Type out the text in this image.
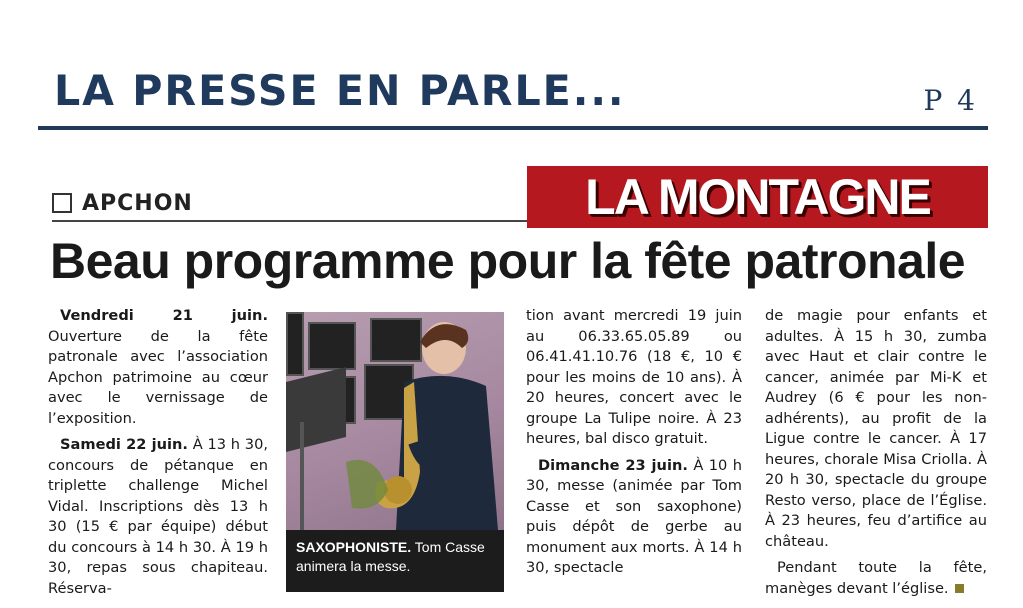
LA PRESSE EN PARLE...	P 4
APCHON	LA MONTAGNE
Beau programme pour la fête patronale

Vendredi 21 juin. Ouverture de la fête patronale avec l’association Apchon patrimoine au cœur avec le vernissage de l’exposition.

Samedi 22 juin. À 13 h 30, concours de pétanque en triplette challenge Michel Vidal. Inscriptions dès 13 h 30 (15 € par équipe) début du concours à 14 h 30. À 19 h 30, repas sous chapiteau. Réserva-

SAXOPHONISTE. Tom Casse animera la messe.

tion avant mercredi 19 juin au 06.33.65.05.89 ou 06.41.41.10.76 (18 €, 10 € pour les moins de 10 ans). À 20 heures, concert avec le groupe La Tulipe noire. À 23 heures, bal disco gratuit.

Dimanche 23 juin. À 10 h 30, messe (animée par Tom Casse et son saxophone) puis dépôt de gerbe au monument aux morts. À 14 h 30, spectacle

de magie pour enfants et adultes. À 15 h 30, zumba avec Haut et clair contre le cancer, animée par Mi-K et Audrey (6 € pour les non-adhérents), au profit de la Ligue contre le cancer. À 17 heures, chorale Misa Criolla. À 20 h 30, spectacle du groupe Resto verso, place de l’Église. À 23 heures, feu d’artifice au château.

Pendant toute la fête, manèges devant l’église.
